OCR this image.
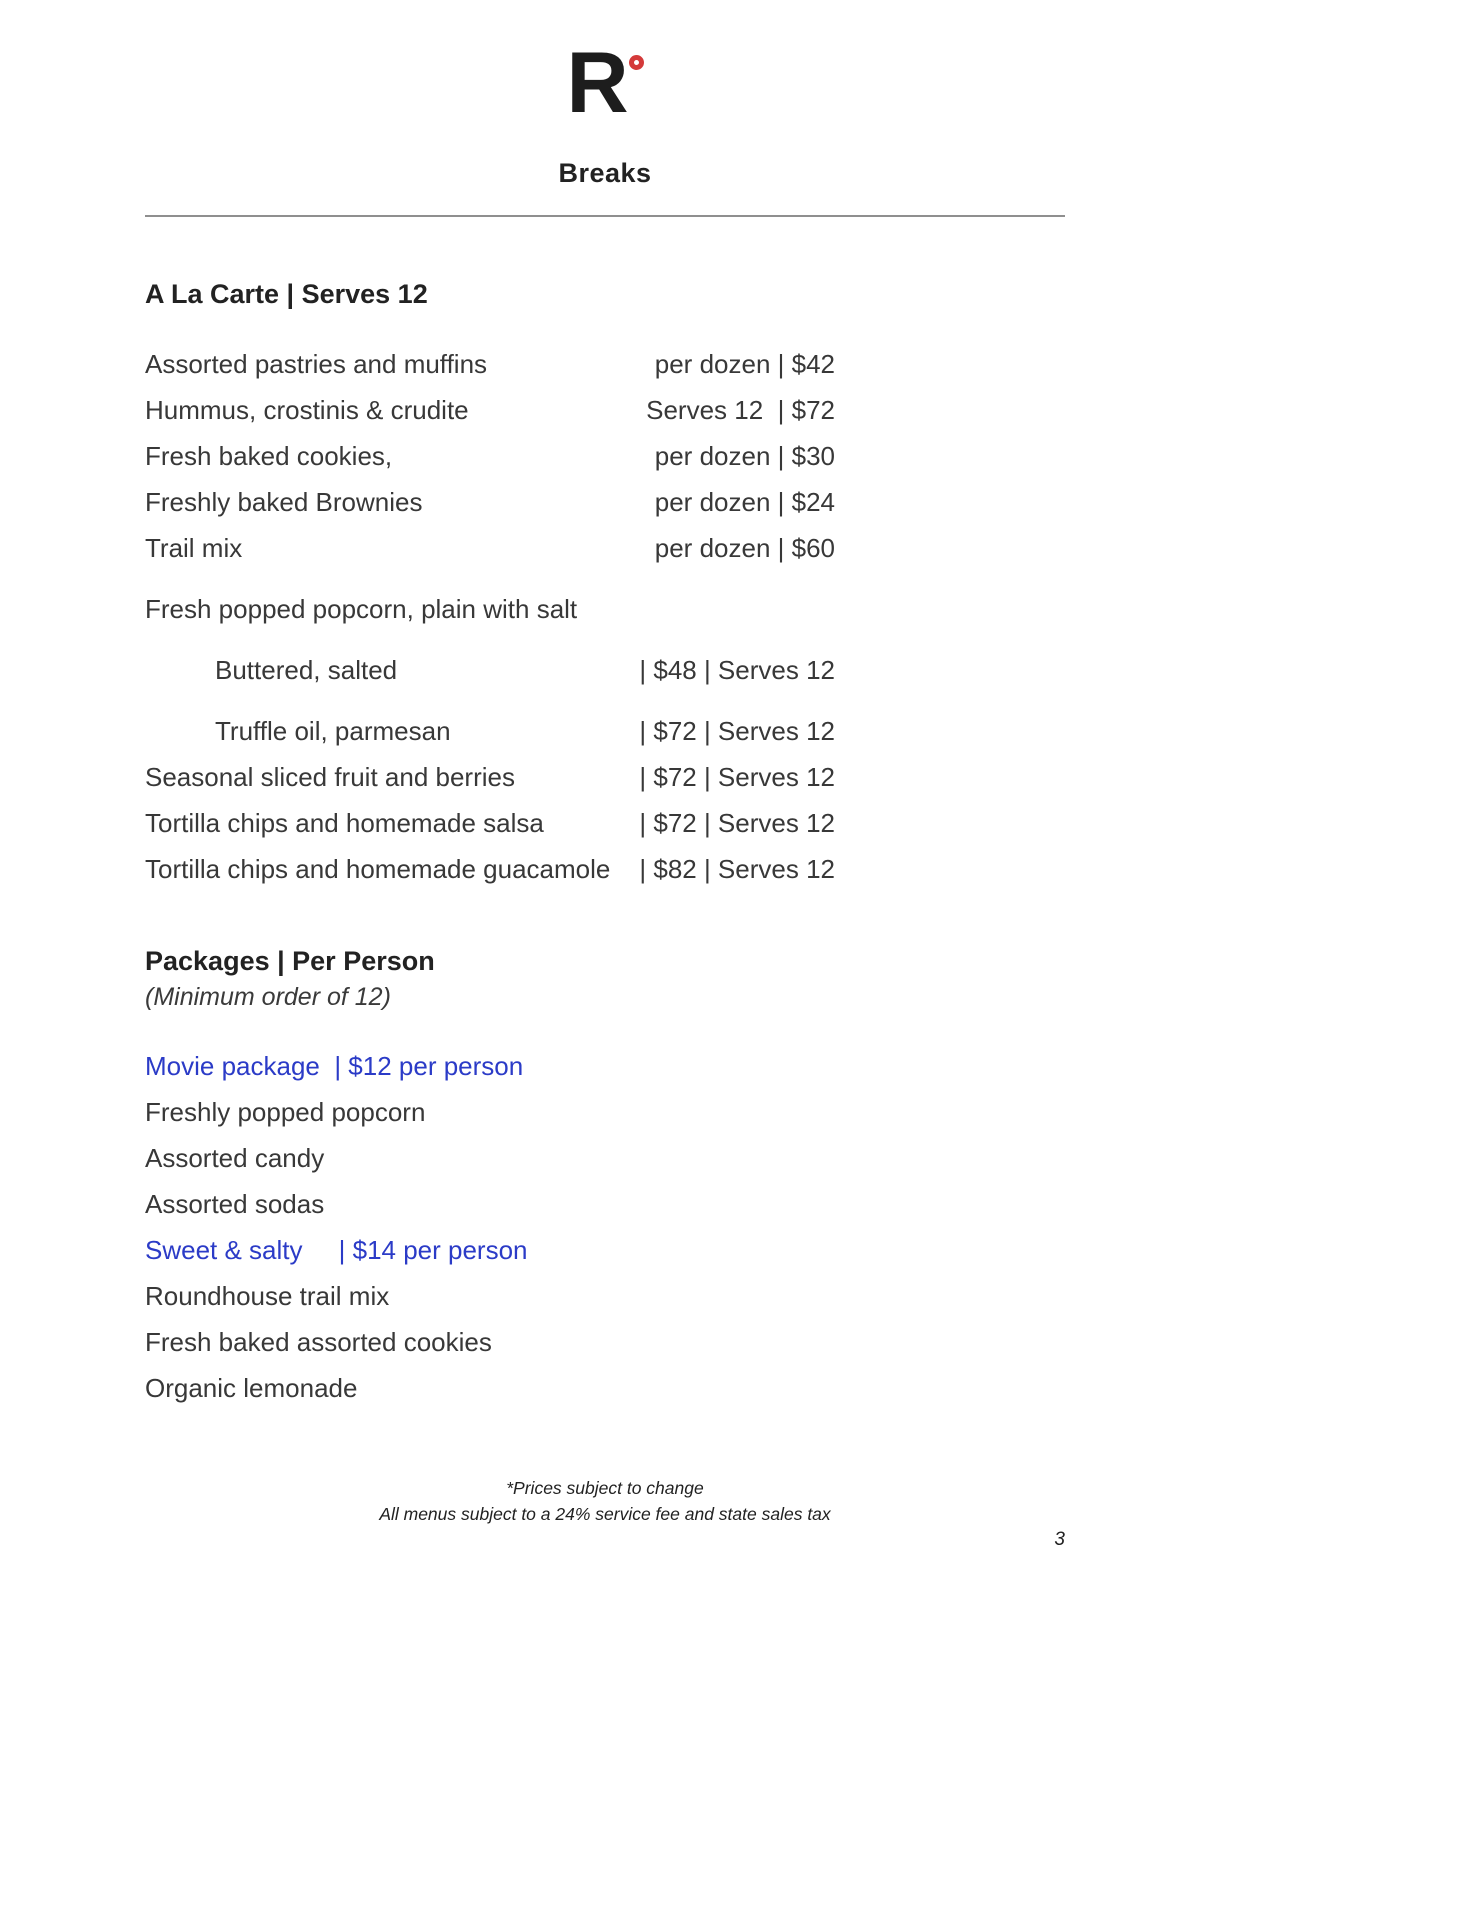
R
Breaks
A La Carte | Serves 12
Assorted pastries and muffins	per dozen | $42
Hummus, crostinis & crudite	Serves 12  | $72
Fresh baked cookies,	per dozen | $30
Freshly baked Brownies	per dozen | $24
Trail mix	per dozen | $60
Fresh popped popcorn, plain with salt
Buttered, salted	| $48 | Serves 12
Truffle oil, parmesan	| $72 | Serves 12
Seasonal sliced fruit and berries	| $72 | Serves 12
Tortilla chips and homemade salsa	| $72 | Serves 12
Tortilla chips and homemade guacamole | $82 | Serves 12
Packages | Per Person
(Minimum order of 12)
Movie package  | $12 per person
Freshly popped popcorn
Assorted candy
Assorted sodas
Sweet & salty     | $14 per person
Roundhouse trail mix
Fresh baked assorted cookies
Organic lemonade
*Prices subject to change
All menus subject to a 24% service fee and state sales tax
3
